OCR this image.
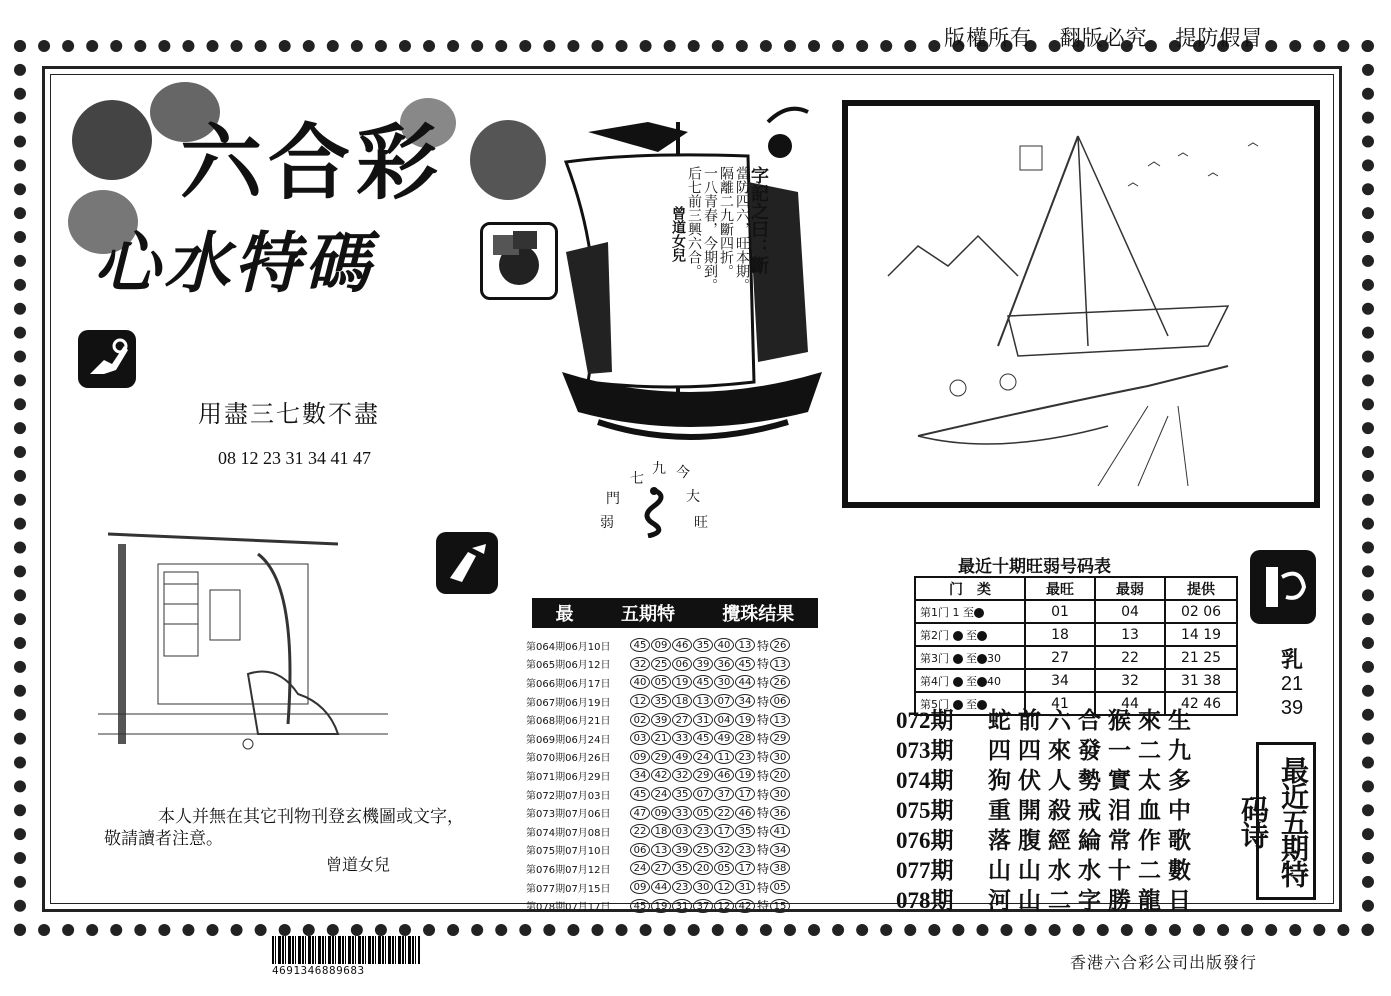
版權所有 翻版必究 提防假冒
六合彩
心水特碼
用盡三七數不盡
08 12 23 31 34 41 47
字記之曰：斷
當防四六，旺本期。
隔離二九斷四折。
一八青春，今期到。
后七前三興六合。
曾道女兒
今
九
七
門	大
弱	旺
本人并無在其它刊物刊登玄機圖或文字，
敬請讀者注意。
曾道女兒
最	五期特	攪珠结果
第064期06月10日	45 09 46 35 40 13 特 26
第065期06月12日	32 25 06 39 36 45 特 13
第066期06月17日	40 05 19 45 30 44 特 26
第067期06月19日	12 35 18 13 07 34 特 06
第068期06月21日	02 39 27 31 04 19 特 13
第069期06月24日	03 21 33 45 49 28 特 29
第070期06月26日	09 29 49 24 11 23 特 30
第071期06月29日	34 42 32 29 46 19 特 20
第072期07月03日	45 24 35 07 37 17 特 30
第073期07月06日	47 09 33 05 22 46 特 36
第074期07月08日	22 18 03 23 17 35 特 41
第075期07月10日	06 13 39 25 32 23 特 34
第076期07月12日	24 27 35 20 05 17 特 38
第077期07月15日	09 44 23 30 12 31 特 05
第078期07月17日	45 19 31 37 12 42 特 15
最近十期旺弱号码表
门　类	最旺	最弱	提供
第1门 1 至	01	04	02 06
第2门  至	18	13	14 19
第3门  至 30	27	22	21 25
第4门  至 40	34	32	31 38
第5门  至	41	44	42 46
072期	蛇前六合猴來生
073期	四四來發一二九
074期	狗伏人勢實太多
075期	重開殺戒泪血中
076期	落腹經綸常作歌
077期	山山水水十二數
078期	河山二字勝龍日
乳
21
39
最近五期特码诗
4691346889683	香港六合彩公司出版發行
